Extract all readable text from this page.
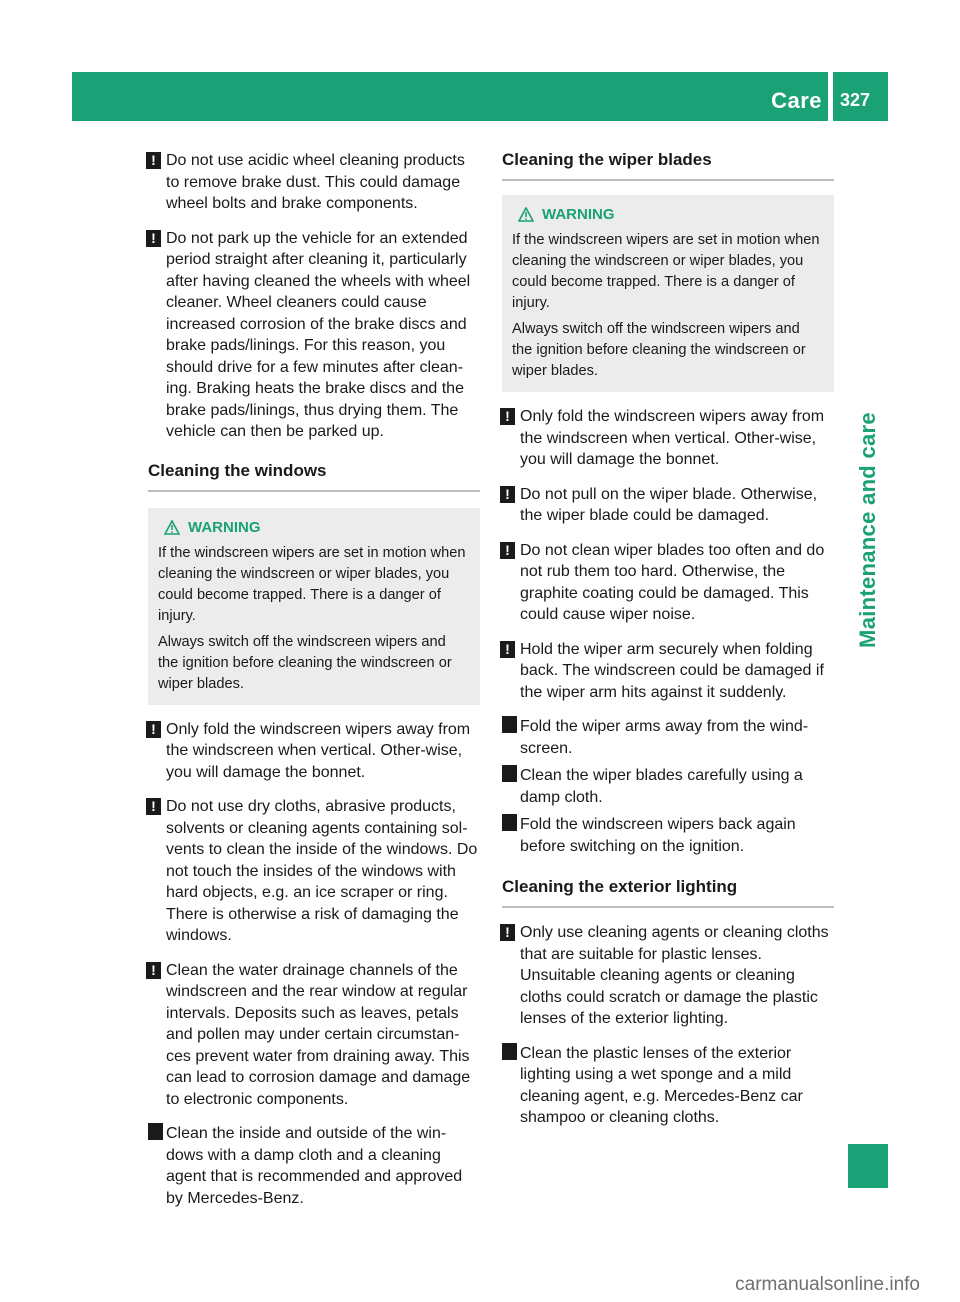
Care 327
Maintenance and care
! Do not use acidic wheel cleaning products to remove brake dust. This could damage wheel bolts and brake components.
! Do not park up the vehicle for an extended period straight after cleaning it, particularly after having cleaned the wheels with wheel cleaner. Wheel cleaners could cause increased corrosion of the brake discs and brake pads/linings. For this reason, you should drive for a few minutes after clean-ing. Braking heats the brake discs and the brake pads/linings, thus drying them. The vehicle can then be parked up.
Cleaning the windows
WARNING

If the windscreen wipers are set in motion when cleaning the windscreen or wiper blades, you could become trapped. There is a danger of injury.

Always switch off the windscreen wipers and the ignition before cleaning the windscreen or wiper blades.

! Only fold the windscreen wipers away from the windscreen when vertical. Other-wise, you will damage the bonnet.
! Do not use dry cloths, abrasive products, solvents or cleaning agents containing sol-vents to clean the inside of the windows. Do not touch the insides of the windows with hard objects, e.g. an ice scraper or ring. There is otherwise a risk of damaging the windows.
! Clean the water drainage channels of the windscreen and the rear window at regular intervals. Deposits such as leaves, petals and pollen may under certain circumstan-ces prevent water from draining away. This can lead to corrosion damage and damage to electronic components.
✗ Clean the inside and outside of the win-dows with a damp cloth and a cleaning agent that is recommended and approved by Mercedes-Benz.
Cleaning the wiper blades
WARNING

If the windscreen wipers are set in motion when cleaning the windscreen or wiper blades, you could become trapped. There is a danger of injury.

Always switch off the windscreen wipers and the ignition before cleaning the windscreen or wiper blades.

! Only fold the windscreen wipers away from the windscreen when vertical. Other-wise, you will damage the bonnet.
! Do not pull on the wiper blade. Otherwise, the wiper blade could be damaged.
! Do not clean wiper blades too often and do not rub them too hard. Otherwise, the graphite coating could be damaged. This could cause wiper noise.
! Hold the wiper arm securely when folding back. The windscreen could be damaged if the wiper arm hits against it suddenly.
✗ Fold the wiper arms away from the wind-screen.
✗ Clean the wiper blades carefully using a damp cloth.
✗ Fold the windscreen wipers back again before switching on the ignition.
Cleaning the exterior lighting
! Only use cleaning agents or cleaning cloths that are suitable for plastic lenses. Unsuitable cleaning agents or cleaning cloths could scratch or damage the plastic lenses of the exterior lighting.
✗ Clean the plastic lenses of the exterior lighting using a wet sponge and a mild cleaning agent, e.g. Mercedes-Benz car shampoo or cleaning cloths.
carmanualsonline.info
